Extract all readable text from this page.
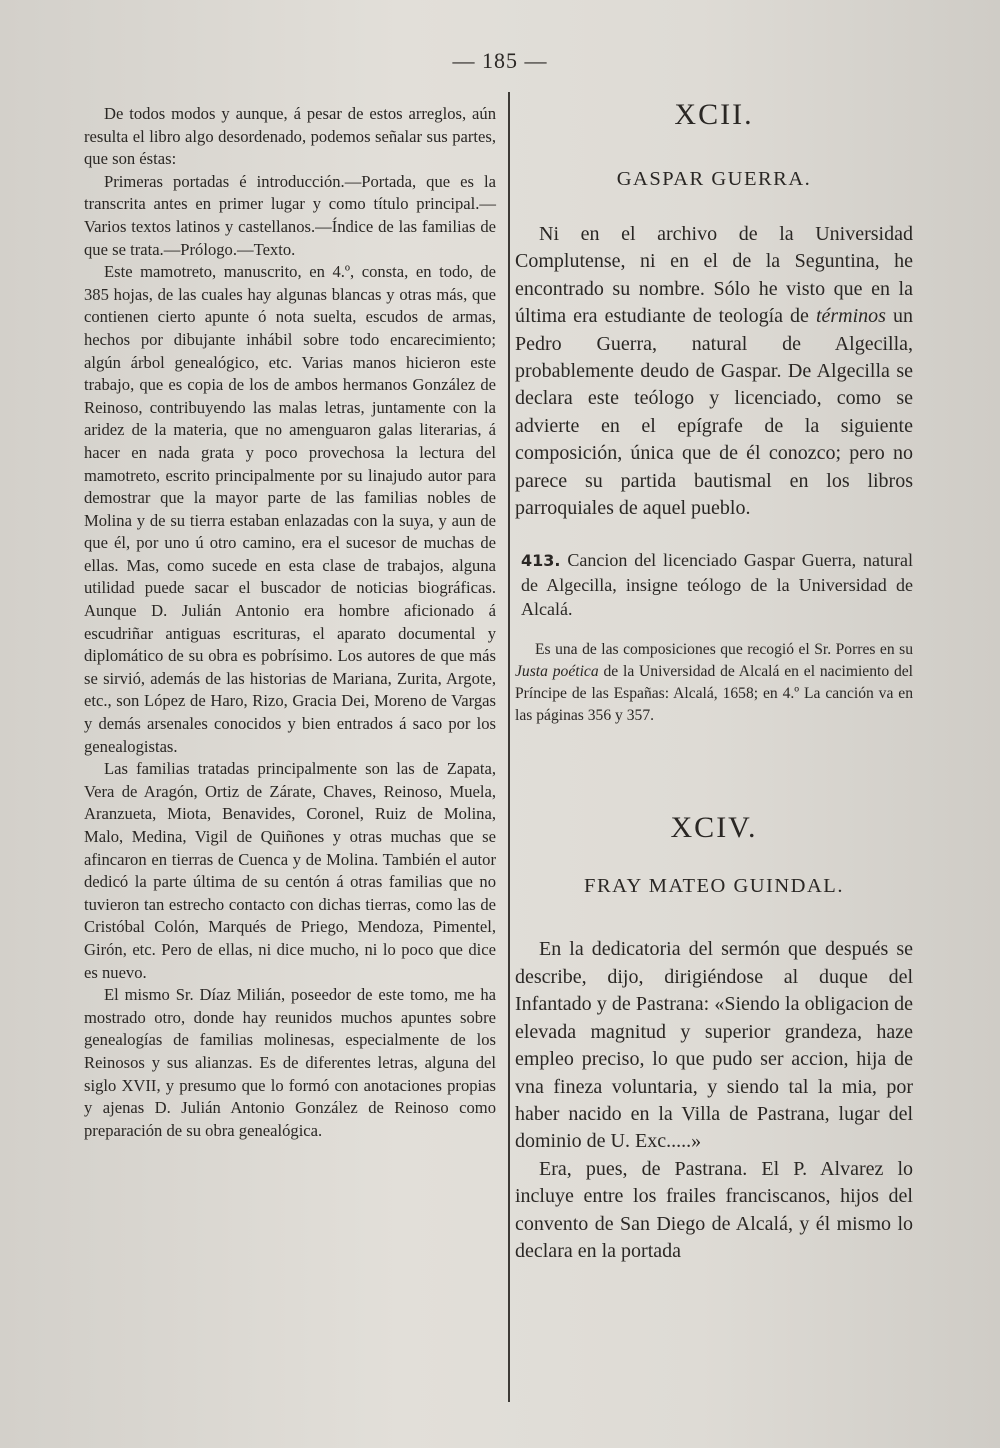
— 185 —

De todos modos y aunque, á pesar de estos arreglos, aún resulta el libro algo desordenado, podemos señalar sus partes, que son éstas:

Primeras portadas é introducción.—Portada, que es la transcrita antes en primer lugar y como título principal.—Varios textos latinos y castellanos.—Índice de las familias de que se trata.—Prólogo.—Texto.

Este mamotreto, manuscrito, en 4.º, consta, en todo, de 385 hojas, de las cuales hay algunas blancas y otras más, que contienen cierto apunte ó nota suelta, escudos de armas, hechos por dibujante inhábil sobre todo encarecimiento; algún árbol genealógico, etc. Varias manos hicieron este trabajo, que es copia de los de ambos hermanos González de Reinoso, contribuyendo las malas letras, juntamente con la aridez de la materia, que no amenguaron galas literarias, á hacer en nada grata y poco provechosa la lectura del mamotreto, escrito principalmente por su linajudo autor para demostrar que la mayor parte de las familias nobles de Molina y de su tierra estaban enlazadas con la suya, y aun de que él, por uno ú otro camino, era el sucesor de muchas de ellas. Mas, como sucede en esta clase de trabajos, alguna utilidad puede sacar el buscador de noticias biográficas. Aunque D. Julián Antonio era hombre aficionado á escudriñar antiguas escrituras, el aparato documental y diplomático de su obra es pobrísimo. Los autores de que más se sirvió, además de las historias de Mariana, Zurita, Argote, etc., son López de Haro, Rizo, Gracia Dei, Moreno de Vargas y demás arsenales conocidos y bien entrados á saco por los genealogistas.

Las familias tratadas principalmente son las de Zapata, Vera de Aragón, Ortiz de Zárate, Chaves, Reinoso, Muela, Aranzueta, Miota, Benavides, Coronel, Ruiz de Molina, Malo, Medina, Vigil de Quiñones y otras muchas que se afincaron en tierras de Cuenca y de Molina. También el autor dedicó la parte última de su centón á otras familias que no tuvieron tan estrecho contacto con dichas tierras, como las de Cristóbal Colón, Marqués de Priego, Mendoza, Pimentel, Girón, etc. Pero de ellas, ni dice mucho, ni lo poco que dice es nuevo.

El mismo Sr. Díaz Milián, poseedor de este tomo, me ha mostrado otro, donde hay reunidos muchos apuntes sobre genealogías de familias molinesas, especialmente de los Reinosos y sus alianzas. Es de diferentes letras, alguna del siglo XVII, y presumo que lo formó con anotaciones propias y ajenas D. Julián Antonio González de Reinoso como preparación de su obra genealógica.

XCII.
GASPAR GUERRA.

Ni en el archivo de la Universidad Complutense, ni en el de la Seguntina, he encontrado su nombre. Sólo he visto que en la última era estudiante de teología de términos un Pedro Guerra, natural de Algecilla, probablemente deudo de Gaspar. De Algecilla se declara este teólogo y licenciado, como se advierte en el epígrafe de la siguiente composición, única que de él conozco; pero no parece su partida bautismal en los libros parroquiales de aquel pueblo.

413. Cancion del licenciado Gaspar Guerra, natural de Algecilla, insigne teólogo de la Universidad de Alcalá.
Es una de las composiciones que recogió el Sr. Porres en su Justa poética de la Universidad de Alcalá en el nacimiento del Príncipe de las Españas: Alcalá, 1658; en 4.º La canción va en las páginas 356 y 357.
XCIV.
FRAY MATEO GUINDAL.

En la dedicatoria del sermón que después se describe, dijo, dirigiéndose al duque del Infantado y de Pastrana: «Siendo la obligacion de elevada magnitud y superior grandeza, haze empleo preciso, lo que pudo ser accion, hija de vna fineza voluntaria, y siendo tal la mia, por haber nacido en la Villa de Pastrana, lugar del dominio de U. Exc.....»

Era, pues, de Pastrana. El P. Alvarez lo incluye entre los frailes franciscanos, hijos del convento de San Diego de Alcalá, y él mismo lo declara en la portada
